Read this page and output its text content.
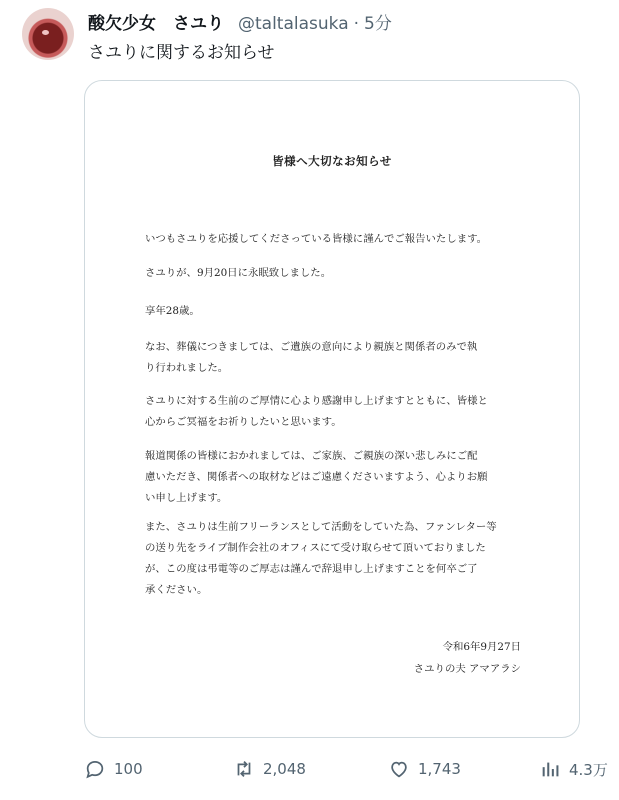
酸欠少女　さユり @taltalasuka · 5分
さユりに関するお知らせ
皆様へ大切なお知らせ
いつもさユりを応援してくださっている皆様に謹んでご報告いたします。
さユりが、9月20日に永眠致しました。
享年28歳。
なお、葬儀につきましては、ご遺族の意向により親族と関係者のみで執
り行われました。
さユりに対する生前のご厚情に心より感謝申し上げますとともに、皆様と
心からご冥福をお祈りしたいと思います。
報道関係の皆様におかれましては、ご家族、ご親族の深い悲しみにご配
慮いただき、関係者への取材などはご遠慮くださいますよう、心よりお願
い申し上げます。
また、さユりは生前フリーランスとして活動をしていた為、ファンレター等
の送り先をライブ制作会社のオフィスにて受け取らせて頂いておりました
が、この度は弔電等のご厚志は謹んで辞退申し上げますことを何卒ご了
承ください。
令和6年9月27日
さユりの夫 アマアラシ
100	2,048	1,743	4.3万
